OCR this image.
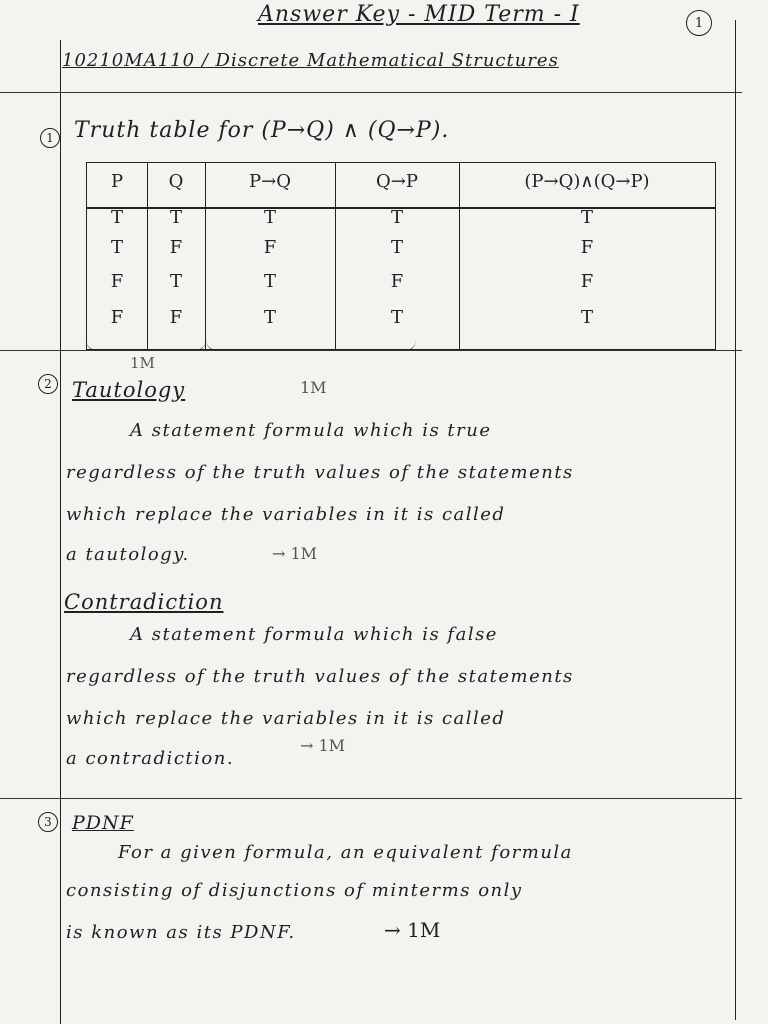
Answer Key - MID Term - I	1
10210MA110 / Discrete Mathematical Structures
1 Truth table for (P→Q) ∧ (Q→P).
P	Q	P→Q	Q→P	(P→Q)∧(Q→P)
T	T	T	T	T
T	F	F	T	F
F	T	T	F	F
F	F	T	T	T
1M
1M
2 Tautology
A statement formula which is true
regardless of the truth values of the statements
which replace the variables in it is called
a tautology.	→ 1M
Contradiction
A statement formula which is false
regardless of the truth values of the statements
which replace the variables in it is called
a contradiction.
→ 1M
3 PDNF
For a given formula, an equivalent formula
consisting of disjunctions of minterms only
is known as its PDNF.	→ 1M
